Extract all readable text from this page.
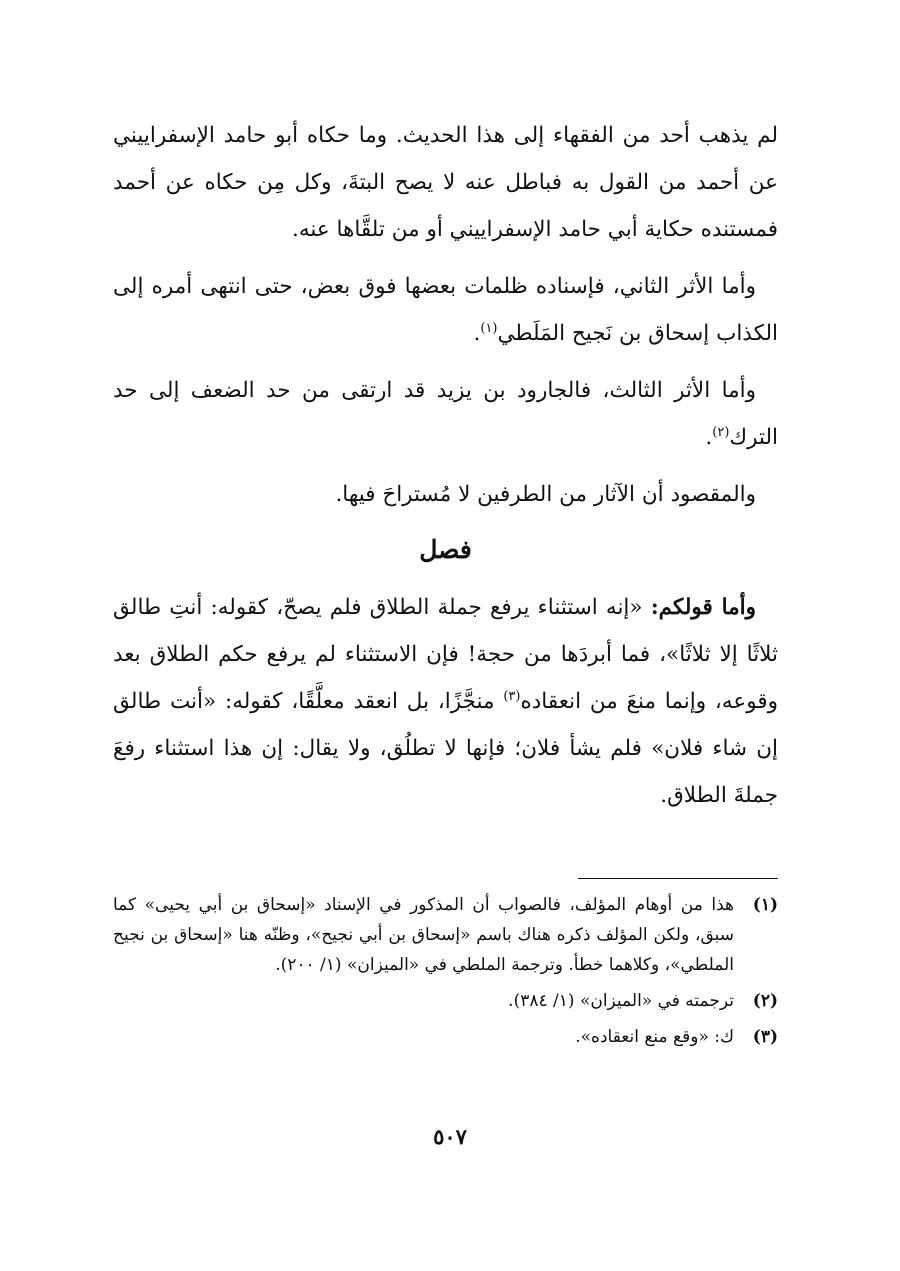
لم يذهب أحد من الفقهاء إلى هذا الحديث. وما حكاه أبو حامد الإسفراييني عن أحمد من القول به فباطل عنه لا يصح البتةَ، وكل مِن حكاه عن أحمد فمستنده حكاية أبي حامد الإسفراييني أو من تلقَّاها عنه.

وأما الأثر الثاني، فإسناده ظلمات بعضها فوق بعض، حتى انتهى أمره إلى الكذاب إسحاق بن نَجيح المَلَطي$^{(١)}$.

وأما الأثر الثالث، فالجارود بن يزيد قد ارتقى من حد الضعف إلى حد الترك$^{(٢)}$.

والمقصود أن الآثار من الطرفين لا مُستراحَ فيها.

فصل

وأما قولكم: «إنه استثناء يرفع جملة الطلاق فلم يصحّ، كقوله: أنتِ طالق ثلاثًا إلا ثلاثًا»، فما أبردَها من حجة! فإن الاستثناء لم يرفع حكم الطلاق بعد وقوعه، وإنما منعَ من انعقاده$^{(٣)}$ منجَّزًا، بل انعقد معلَّقًا، كقوله: «أنت طالق إن شاء فلان» فلم يشأ فلان؛ فإنها لا تطلُق، ولا يقال: إن هذا استثناء رفعَ جملةَ الطلاق.

(١)
هذا من أوهام المؤلف، فالصواب أن المذكور في الإسناد «إسحاق بن أبي يحيى» كما سبق، ولكن المؤلف ذكره هناك باسم «إسحاق بن أبي نجيح»، وظنّه هنا «إسحاق بن نجيح الملطي»، وكلاهما خطأ. وترجمة الملطي في «الميزان» (١/ ٢٠٠).
(٢)
ترجمته في «الميزان» (١/ ٣٨٤).
(٣)
ك: «وقع منع انعقاده».
٥٠٧
